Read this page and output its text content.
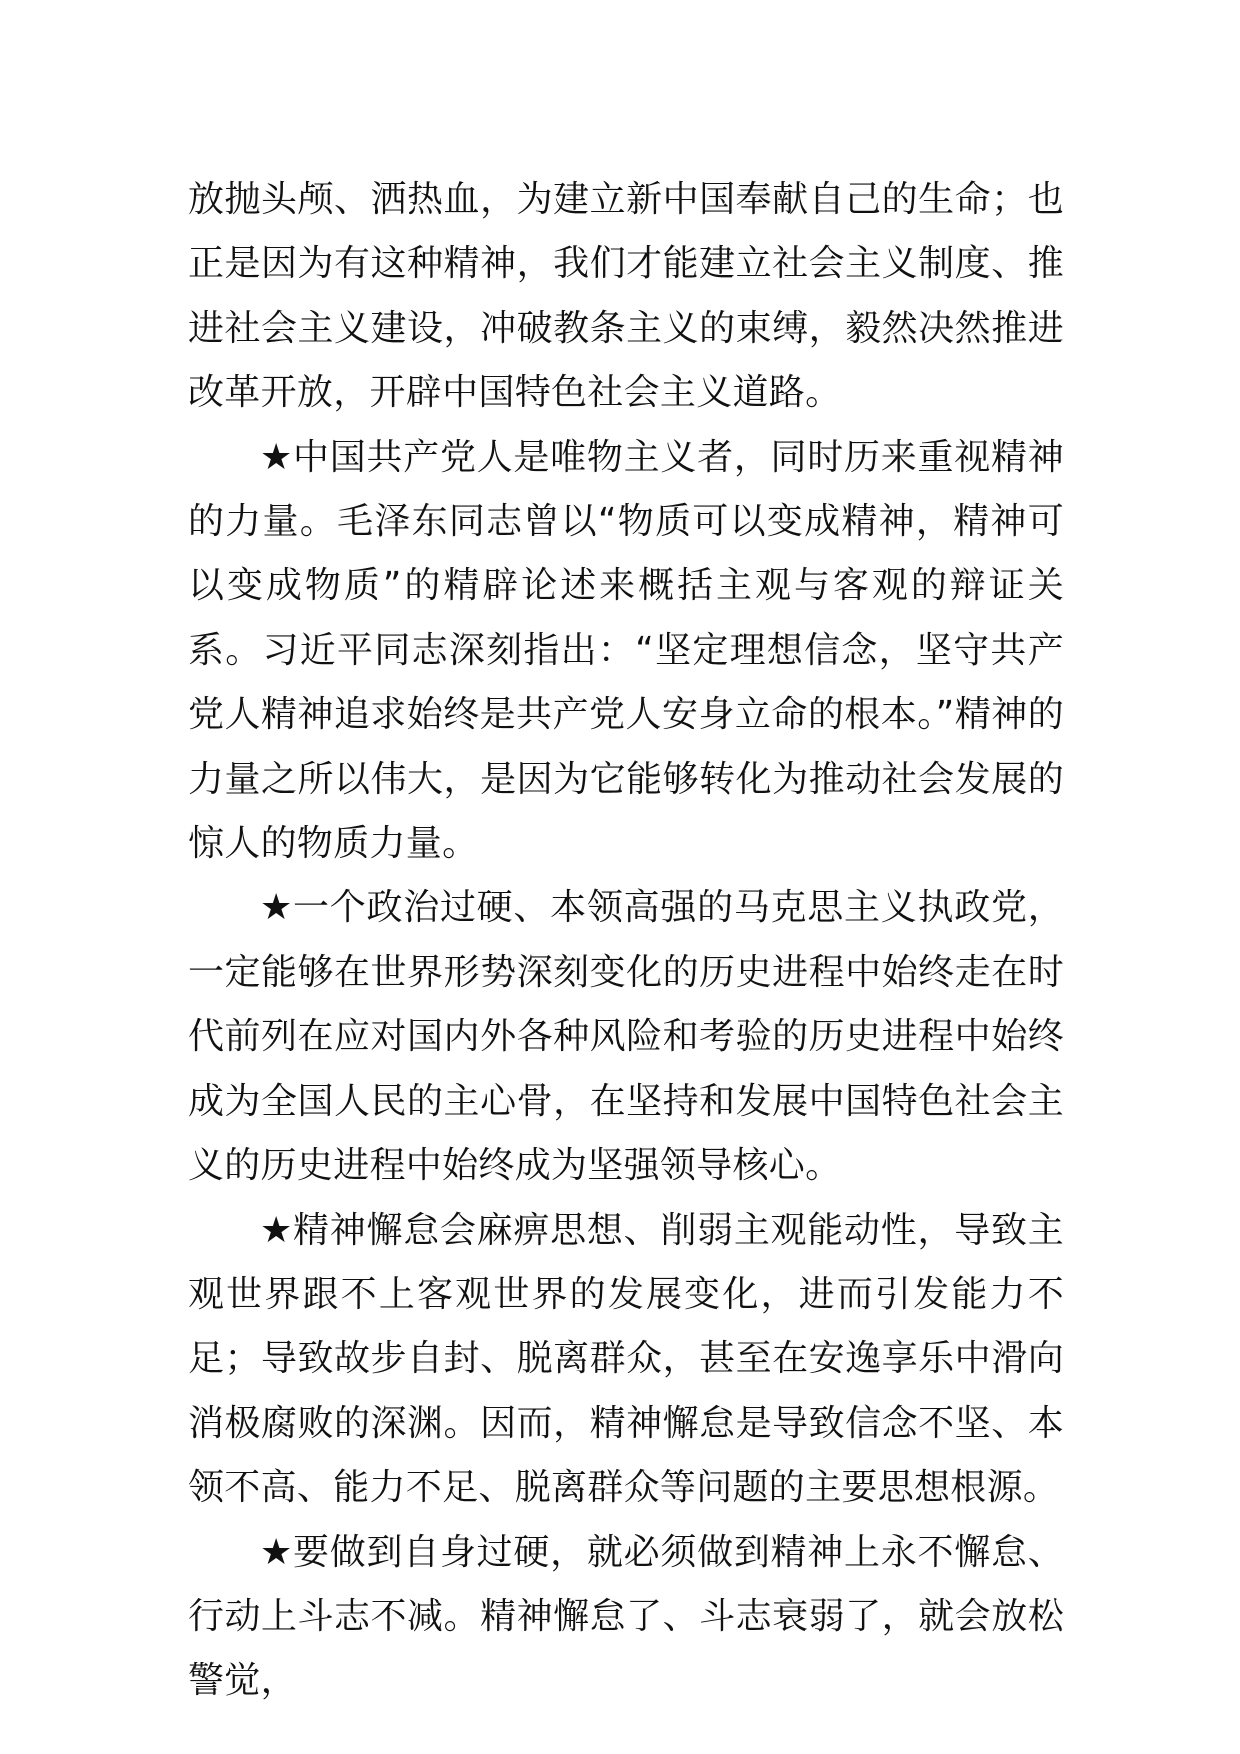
放抛头颅、洒热血，为建立新中国奉献自己的生命；也正是因为有这种精神，我们才能建立社会主义制度、推进社会主义建设，冲破教条主义的束缚，毅然决然推进改革开放，开辟中国特色社会主义道路。

★中国共产党人是唯物主义者，同时历来重视精神的力量。毛泽东同志曾以“物质可以变成精神，精神可以变成物质”的精辟论述来概括主观与客观的辩证关系。习近平同志深刻指出：“坚定理想信念，坚守共产党人精神追求始终是共产党人安身立命的根本。”精神的力量之所以伟大，是因为它能够转化为推动社会发展的惊人的物质力量。

★一个政治过硬、本领高强的马克思主义执政党，一定能够在世界形势深刻变化的历史进程中始终走在时代前列在应对国内外各种风险和考验的历史进程中始终成为全国人民的主心骨，在坚持和发展中国特色社会主义的历史进程中始终成为坚强领导核心。

★精神懈怠会麻痹思想、削弱主观能动性，导致主观世界跟不上客观世界的发展变化，进而引发能力不足；导致故步自封、脱离群众，甚至在安逸享乐中滑向消极腐败的深渊。因而，精神懈怠是导致信念不坚、本领不高、能力不足、脱离群众等问题的主要思想根源。

★要做到自身过硬，就必须做到精神上永不懈怠、行动上斗志不减。精神懈怠了、斗志衰弱了，就会放松警觉，
